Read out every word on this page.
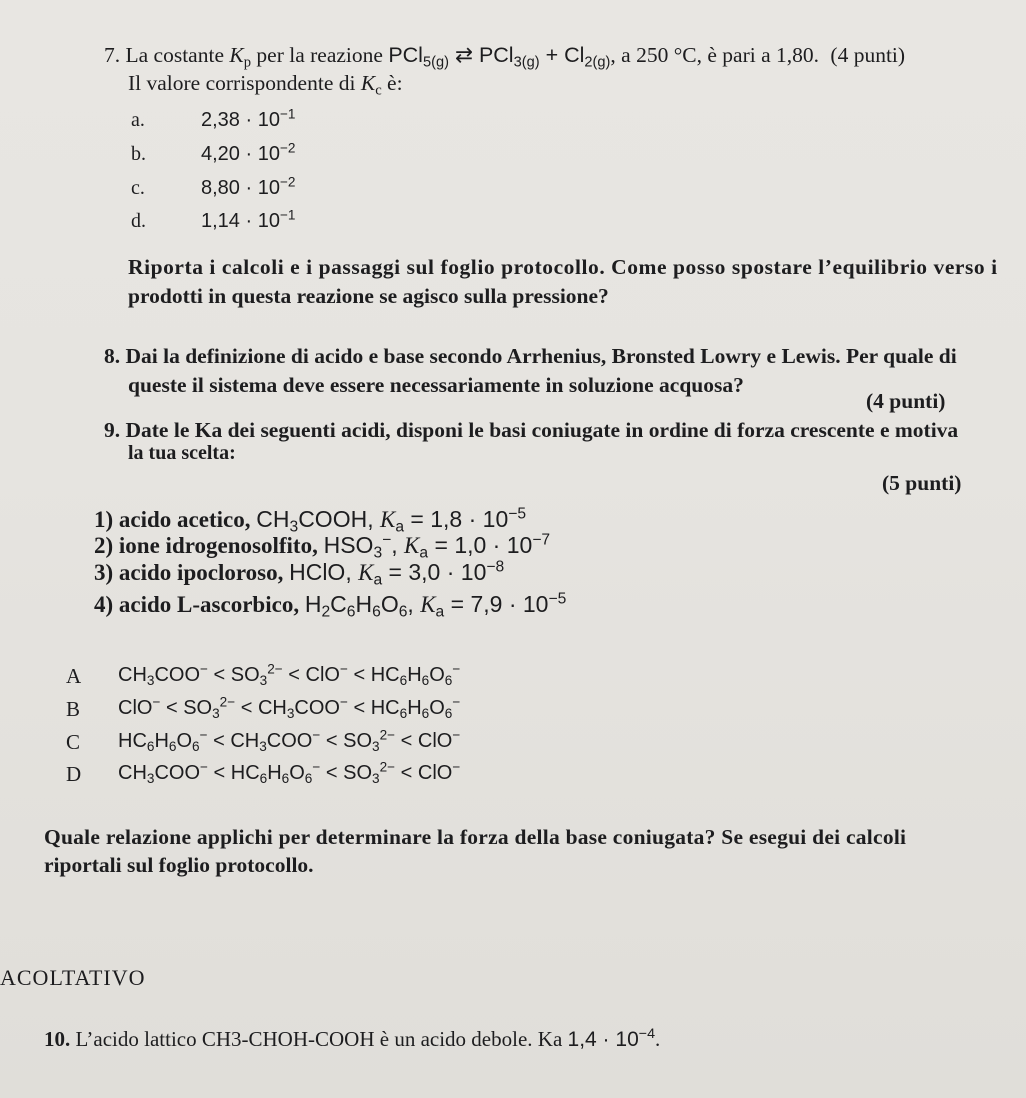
7. La costante $K_p$ per la reazione PCl$_{5(g)}$ ⇄ $PCl_{3(g)} + Cl_{2(g)}$, a 250 °C, è pari a 1,80. (4 punti)
Il valore corrispondente di $K_c$ è:
a.	$2,38 \cdot 10^{-1}$
b.	$4,20 \cdot 10^{-2}$
c.	$8,80 \cdot 10^{-2}$
d.	$1,14 \cdot 10^{-1}$
Riporta i calcoli e i passaggi sul foglio protocollo. Come posso spostare l’equilibrio verso i
prodotti in questa reazione se agisco sulla pressione?
8. Dai la definizione di acido e base secondo Arrhenius, Bronsted Lowry e Lewis. Per quale di
queste il sistema deve essere necessariamente in soluzione acquosa?
(4 punti)
9. Date le Ka dei seguenti acidi, disponi le basi coniugate in ordine di forza crescente e motiva
la tua scelta:
(5 punti)
1) acido acetico, $CH_3COOH$, $K_a = 1,8 \cdot 10^{-5}$
2) ione idrogenosolfito, $HSO_3^-$, $K_a = 1,0 \cdot 10^{-7}$
3) acido ipocloroso, HClO, $K_a = 3,0 \cdot 10^{-8}$
4) acido L-ascorbico, $H_2C_6H_6O_6$, $K_a = 7,9 \cdot 10^{-5}$
A $CH_3COO^- < SO_3^{2-} < ClO^- < HC_6H_6O_6^-$
B $ClO^- < SO_3^{2-} < CH_3COO^- < HC_6H_6O_6^-$
C $HC_6H_6O_6^- < CH_3COO^- < SO_3^{2-} < ClO^-$
D $CH_3COO^- < HC_6H_6O_6^- < SO_3^{2-} < ClO^-$
Quale relazione applichi per determinare la forza della base coniugata? Se esegui dei calcoli
riportali sul foglio protocollo.
ACOLTATIVO
10. L’acido lattico CH3-CHOH-COOH è un acido debole. Ka $1,4 \cdot 10^{-4}$.
